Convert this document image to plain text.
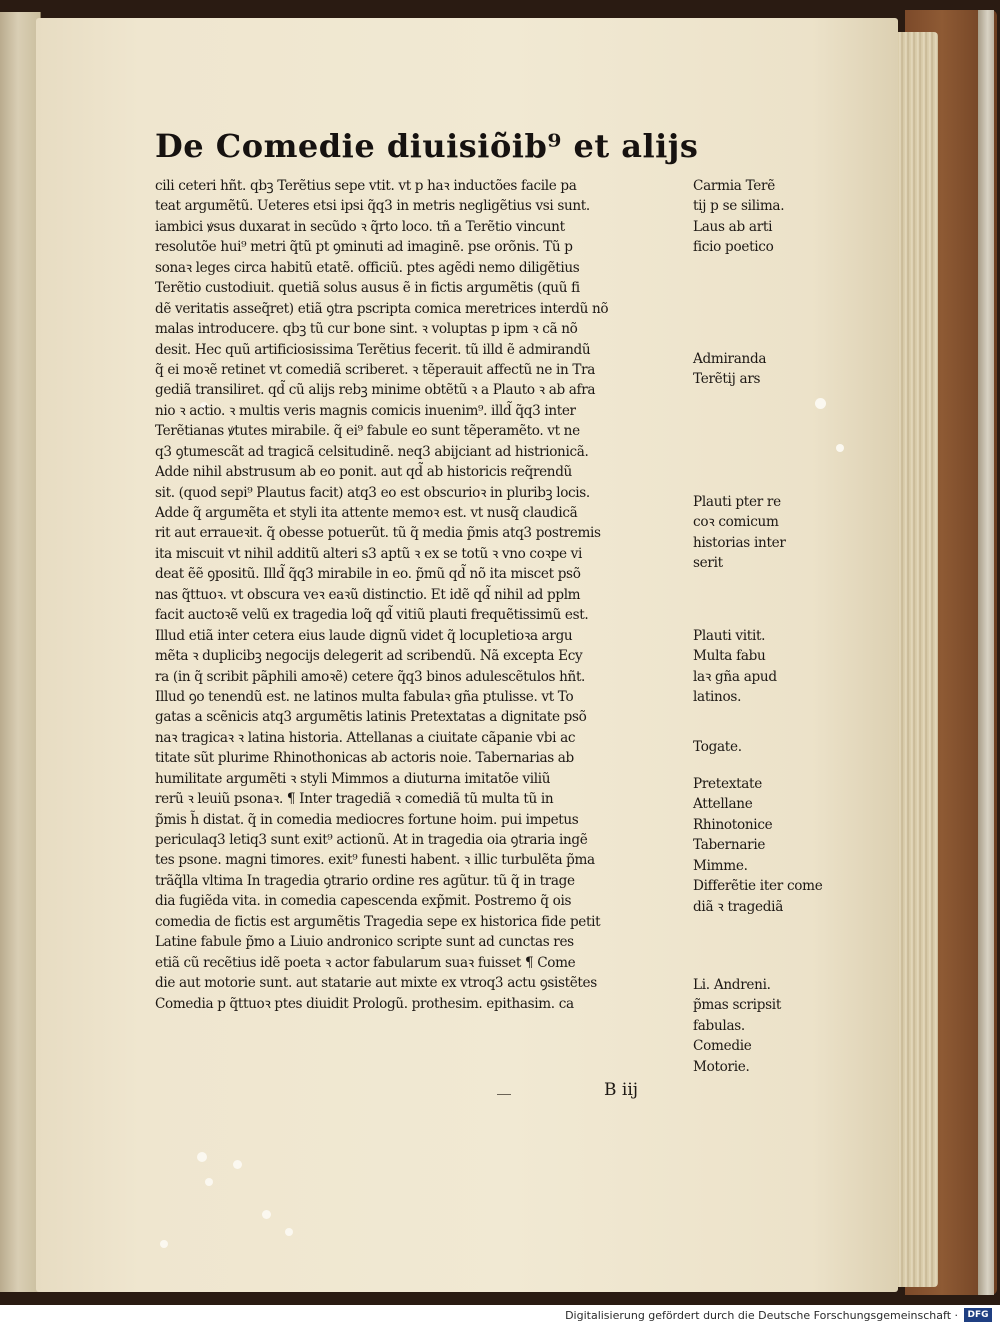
De Comedie diuisiõib⁹ et alijs
cili ceteri hñt. qbꝫ Terẽtius sepe vtit. vt p haꝛ inductões facile pa
teat argumẽtũ. Ueteres etsi ipsi q̃q3 in metris negligẽtius vsi sunt.
iambici ꝟsus duxarat in secũdo ꝛ q̃rto loco. tñ a Terẽtio vincunt
resolutõe hui⁹ metri q̃tũ pt ꝯminuti ad imaginẽ. pse orõnis. Tũ p
sonaꝛ leges circa habitũ etatẽ. officiũ. ptes agẽdi nemo diligẽtius
Terẽtio custodiuit. quetiã solus ausus ẽ in fictis argumẽtis (quũ fi
dẽ veritatis asseq̃ret) etiã ꝯtra pscripta comica meretrices interdũ nõ
malas introducere. qbꝫ tũ cur bone sint. ꝛ voluptas p ipm ꝛ cã nõ
desit. Hec quũ artificiosissima Terẽtius fecerit. tũ illd ẽ admirandũ
q̃ ei moꝛẽ retinet vt comediã scriberet. ꝛ tẽperauit affectũ ne in Tra
gediã transiliret. qd̃ cũ alijs rebꝫ minime obtẽtũ ꝛ a Plauto ꝛ ab afra
nio ꝛ actio. ꝛ multis veris magnis comicis inuenim⁹. illd̃ q̃q3 inter
Terẽtianas ꝟtutes mirabile. q̃ ei⁹ fabule eo sunt tẽperamẽto. vt ne
q3 ꝯtumescãt ad tragicã celsitudinẽ. neq3 abijciant ad histrionicã.
Adde nihil abstrusum ab eo ponit. aut qd̃ ab historicis req̃rendũ
sit. (quod sepi⁹ Plautus facit) atq3 eo est obscurioꝛ in pluribꝫ locis.
Adde q̃ argumẽta et styli ita attente memoꝛ est. vt nusq̃ claudicã
rit aut erraueꝛit. q̃ obesse potuerũt. tũ q̃ media p̃mis atq3 postremis
ita miscuit vt nihil additũ alteri s3 aptũ ꝛ ex se totũ ꝛ vno coꝛpe vi
deat ẽẽ ꝯpositũ. Illd̃ q̃q3 mirabile in eo. p̃mũ qd̃ nõ ita miscet psõ
nas q̃ttuoꝛ. vt obscura veꝛ eaꝛũ distinctio. Et idẽ qd̃ nihil ad pplm
facit auctoꝛẽ velũ ex tragedia loq̃ qd̃ vitiũ plauti frequẽtissimũ est.
Illud etiã inter cetera eius laude dignũ videt q̃ locupletioꝛa argu
mẽta ꝛ duplicibꝫ negocijs delegerit ad scribendũ. Nã excepta Ecy
ra (in q̃ scribit pãphili amoꝛẽ) cetere q̃q3 binos adulescẽtulos hñt.
Illud ꝯo tenendũ est. ne latinos multa fabulaꝛ gña ptulisse. vt To
gatas a scẽnicis atq3 argumẽtis latinis Pretextatas a dignitate psõ
naꝛ tragicaꝛ ꝛ latina historia. Attellanas a ciuitate cãpanie vbi ac
titate sũt plurime Rhinothonicas ab actoris noie. Tabernarias ab
humilitate argumẽti ꝛ styli Mimmos a diuturna imitatõe viliũ
rerũ ꝛ leuiũ psonaꝛ. ¶ Inter tragediã ꝛ comediã tũ multa tũ in
p̃mis h̃ distat. q̃ in comedia mediocres fortune hoim. pui impetus
periculaq3 letiq3 sunt exit⁹ actionũ. At in tragedia oia ꝯtraria ingẽ
tes psone. magni timores. exit⁹ funesti habent. ꝛ illic turbulẽta p̃ma
trãq̃lla vltima In tragedia ꝯtrario ordine res agũtur. tũ q̃ in trage
dia fugiẽda vita. in comedia capescenda exp̃mit. Postremo q̃ ois
comedia de fictis est argumẽtis Tragedia sepe ex historica fide petit
Latine fabule p̃mo a Liuio andronico scripte sunt ad cunctas res
etiã cũ recẽtius idẽ poeta ꝛ actor fabularum suaꝛ fuisset ¶ Come
die aut motorie sunt. aut statarie aut mixte ex vtroq3 actu ꝯsistẽtes
Comedia p q̃ttuoꝛ ptes diuidit Prologũ. prothesim. epithasim. ca
Carmia Terẽ
tij p se silima.
Laus ab arti
ficio poetico
Admiranda
Terẽtij ars
Plauti pter re
coꝛ comicum
historias inter
serit
Plauti vitit.
Multa fabu
laꝛ gña apud
latinos.
Togate.
Pretextate
Attellane
Rhinotonice
Tabernarie
Mimme.
Differẽtie iter come
diã ꝛ tragediã
Li. Andreni.
p̃mas scripsit
fabulas.
Comedie
Motorie.

B iij

Digitalisierung gefördert durch die Deutsche Forschungsgemeinschaft ·	DFG
